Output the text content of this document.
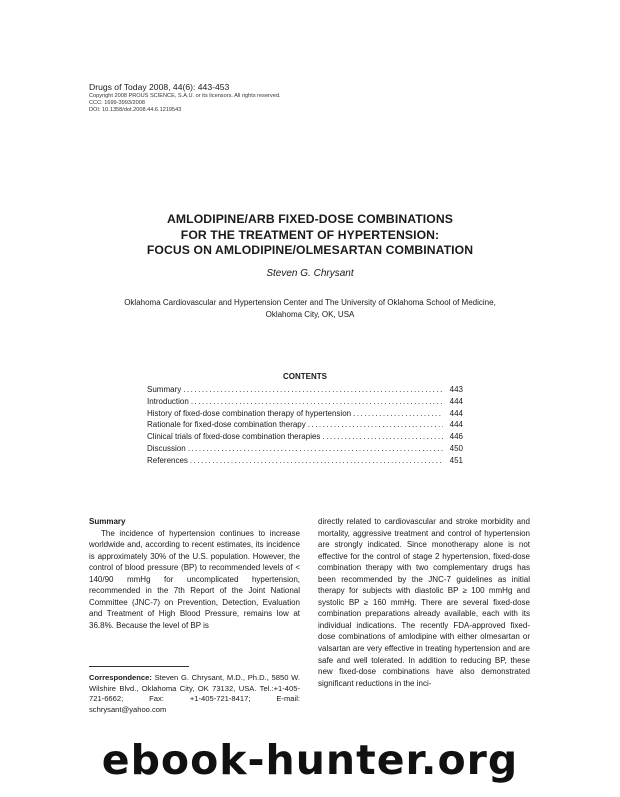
Drugs of Today 2008, 44(6): 443-453
Copyright 2008 PROUS SCIENCE, S.A.U. or its licensors. All rights reserved.
CCC: 1699-3993/2008
DOI: 10.1358/dot.2008.44.6.1219543
AMLODIPINE/ARB FIXED-DOSE COMBINATIONS
FOR THE TREATMENT OF HYPERTENSION:
FOCUS ON AMLODIPINE/OLMESARTAN COMBINATION
Steven G. Chrysant
Oklahoma Cardiovascular and Hypertension Center and The University of Oklahoma School of Medicine,
Oklahoma City, OK, USA
CONTENTS
Summary .....	443
Introduction .....	444
History of fixed-dose combination therapy of hypertension .....	444
Rationale for fixed-dose combination therapy .....	444
Clinical trials of fixed-dose combination therapies .....	446
Discussion .....	450
References .....	451
Summary

The incidence of hypertension continues to increase worldwide and, according to recent estimates, its incidence is approximately 30% of the U.S. population. However, the control of blood pressure (BP) to recommended levels of < 140/90 mmHg for uncomplicated hypertension, recommended in the 7th Report of the Joint National Committee (JNC-7) on Prevention, Detection, Evaluation and Treatment of High Blood Pressure, remains low at 36.8%. Because the level of BP is

directly related to cardiovascular and stroke morbidity and mortality, aggressive treatment and control of hypertension are strongly indicated. Since monotherapy alone is not effective for the control of stage 2 hypertension, fixed-dose combination therapy with two complementary drugs has been recommended by the JNC-7 guidelines as initial therapy for subjects with diastolic BP ≥ 100 mmHg and systolic BP ≥ 160 mmHg. There are several fixed-dose combination preparations already available, each with its individual indications. The recently FDA-approved fixed-dose combinations of amlodipine with either olmesartan or valsartan are very effective in treating hypertension and are safe and well tolerated. In addition to reducing BP, these new fixed-dose combinations have also demonstrated significant reductions in the inci-

Correspondence: Steven G. Chrysant, M.D., Ph.D., 5850 W. Wilshire Blvd., Oklahoma City, OK 73132, USA. Tel.:+1-405-721-6662; Fax: +1-405-721-8417; E-mail: schrysant@yahoo.com
ebook-hunter.org
